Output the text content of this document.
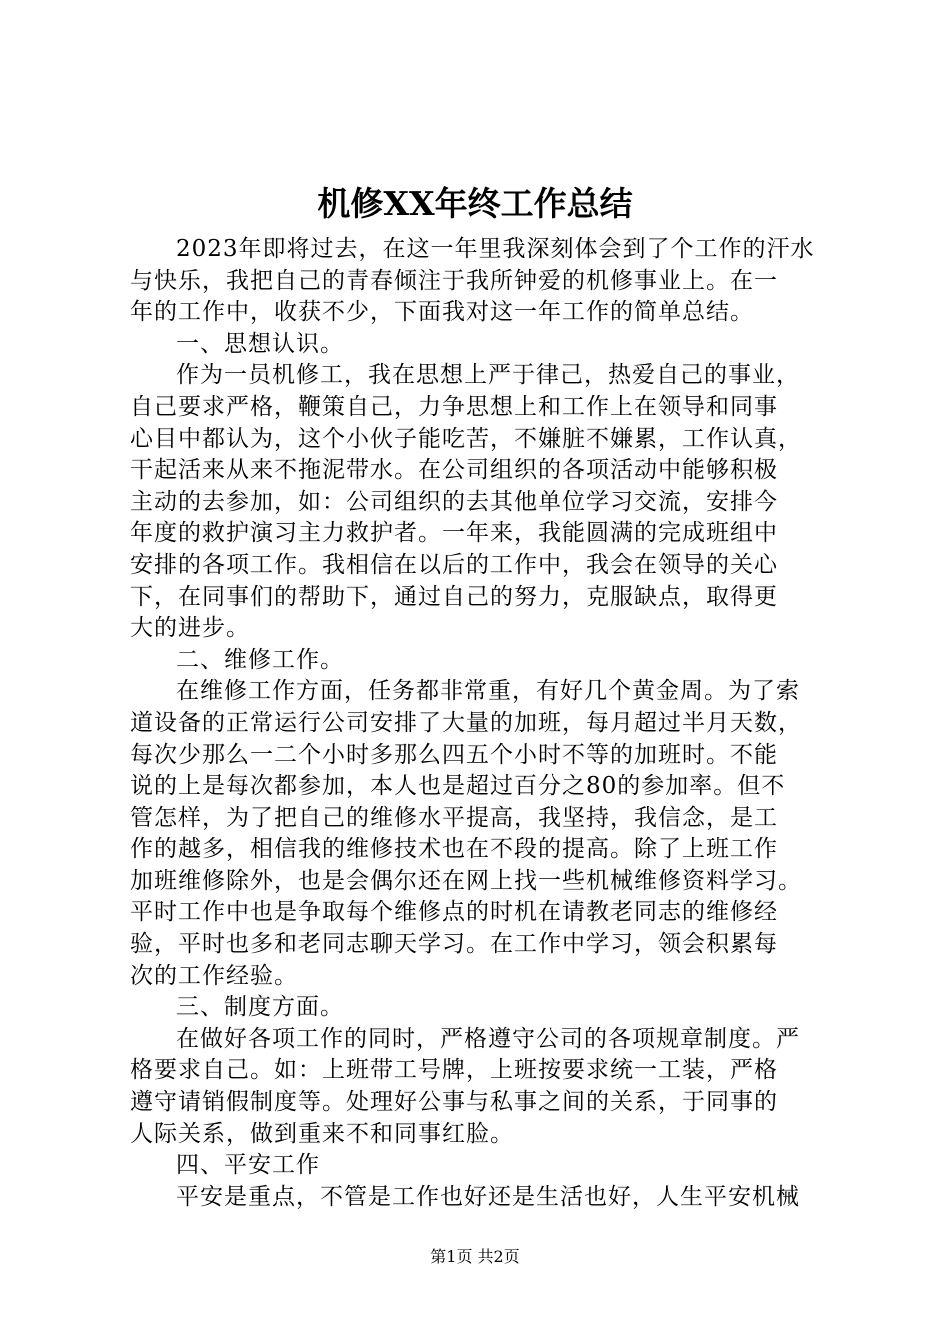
机修XX年终工作总结
2023年即将过去，在这一年里我深刻体会到了个工作的汗水
与快乐，我把自己的青春倾注于我所钟爱的机修事业上。在一
年的工作中，收获不少，下面我对这一年工作的简单总结。
一、思想认识。
作为一员机修工，我在思想上严于律己，热爱自己的事业，
自己要求严格，鞭策自己，力争思想上和工作上在领导和同事
心目中都认为，这个小伙子能吃苦，不嫌脏不嫌累，工作认真，
干起活来从来不拖泥带水。在公司组织的各项活动中能够积极
主动的去参加，如：公司组织的去其他单位学习交流，安排今
年度的救护演习主力救护者。一年来，我能圆满的完成班组中
安排的各项工作。我相信在以后的工作中，我会在领导的关心
下，在同事们的帮助下，通过自己的努力，克服缺点，取得更
大的进步。
二、维修工作。
在维修工作方面，任务都非常重，有好几个黄金周。为了索
道设备的正常运行公司安排了大量的加班，每月超过半月天数，
每次少那么一二个小时多那么四五个小时不等的加班时。不能
说的上是每次都参加，本人也是超过百分之80的参加率。但不
管怎样，为了把自己的维修水平提高，我坚持，我信念，是工
作的越多，相信我的维修技术也在不段的提高。除了上班工作
加班维修除外，也是会偶尔还在网上找一些机械维修资料学习。
平时工作中也是争取每个维修点的时机在请教老同志的维修经
验，平时也多和老同志聊天学习。在工作中学习，领会积累每
次的工作经验。
三、制度方面。
在做好各项工作的同时，严格遵守公司的各项规章制度。严
格要求自己。如：上班带工号牌，上班按要求统一工装，严格
遵守请销假制度等。处理好公事与私事之间的关系，于同事的
人际关系，做到重来不和同事红脸。
四、平安工作
平安是重点，不管是工作也好还是生活也好，人生平安机械
第1页 共2页
